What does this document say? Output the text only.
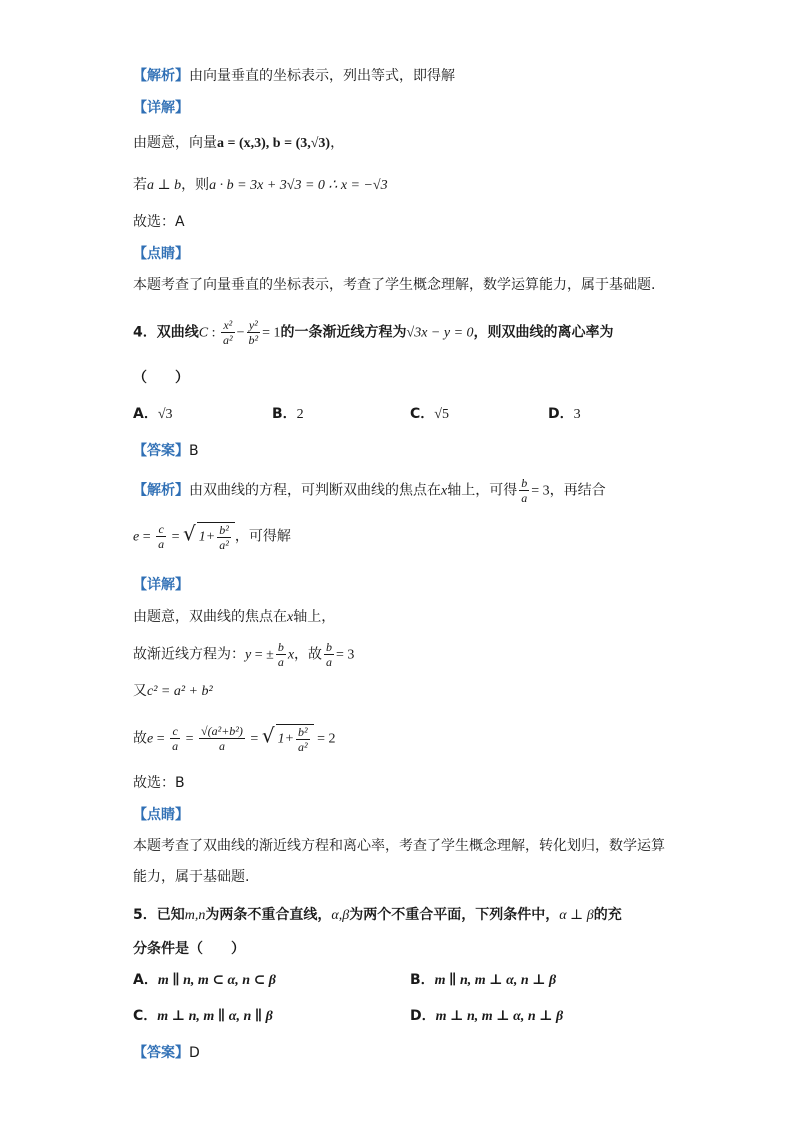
【解析】由向量垂直的坐标表示，列出等式，即得解
【详解】
由题意，向量a = (x,3), b = (3,√3)，
若a ⊥ b，则a · b = 3x + 3√3 = 0 ∴ x = −√3
故选：A
【点睛】
本题考查了向量垂直的坐标表示，考查了学生概念理解，数学运算能力，属于基础题.
4．双曲线C : $\frac{\text{x²}}{\text{a²}} - \frac{\text{y²}}{\text{b²}} = 1$的一条渐近线方程为√3x − y = 0，则双曲线的离心率为
（　　）
A．√3	B．2	C．√5	D．3
【答案】B
【解析】由双曲线的方程，可判断双曲线的焦点在x轴上，可得 $\frac{b}{a} = 3$，再结合
$e = \frac{c}{a}$ = √ $1+ \frac{\text{b²}}{\text{a²}}$ ，可得解
【详解】
由题意，双曲线的焦点在x轴上，
故渐近线方程为：y = ± $\frac{b}{a}$ x，故 $\frac{b}{a} = 3$
又c² = a² + b²
故$e = \frac{c}{a} = \frac{\text{√(a²+b²)}}{a}$ = √ $1+ \frac{\text{b²}}{\text{a²}} = 2$
故选：B
【点睛】
本题考查了双曲线的渐近线方程和离心率，考查了学生概念理解，转化划归，数学运算
能力，属于基础题.
5．已知m,n为两条不重合直线，α,β为两个不重合平面，下列条件中，α ⊥ β的充
分条件是（　　）
A．m ∥ n, m ⊂ α, n ⊂ β	B．m ∥ n, m ⊥ α, n ⊥ β
C．m ⊥ n, m ∥ α, n ∥ β	D．m ⊥ n, m ⊥ α, n ⊥ β
【答案】D
